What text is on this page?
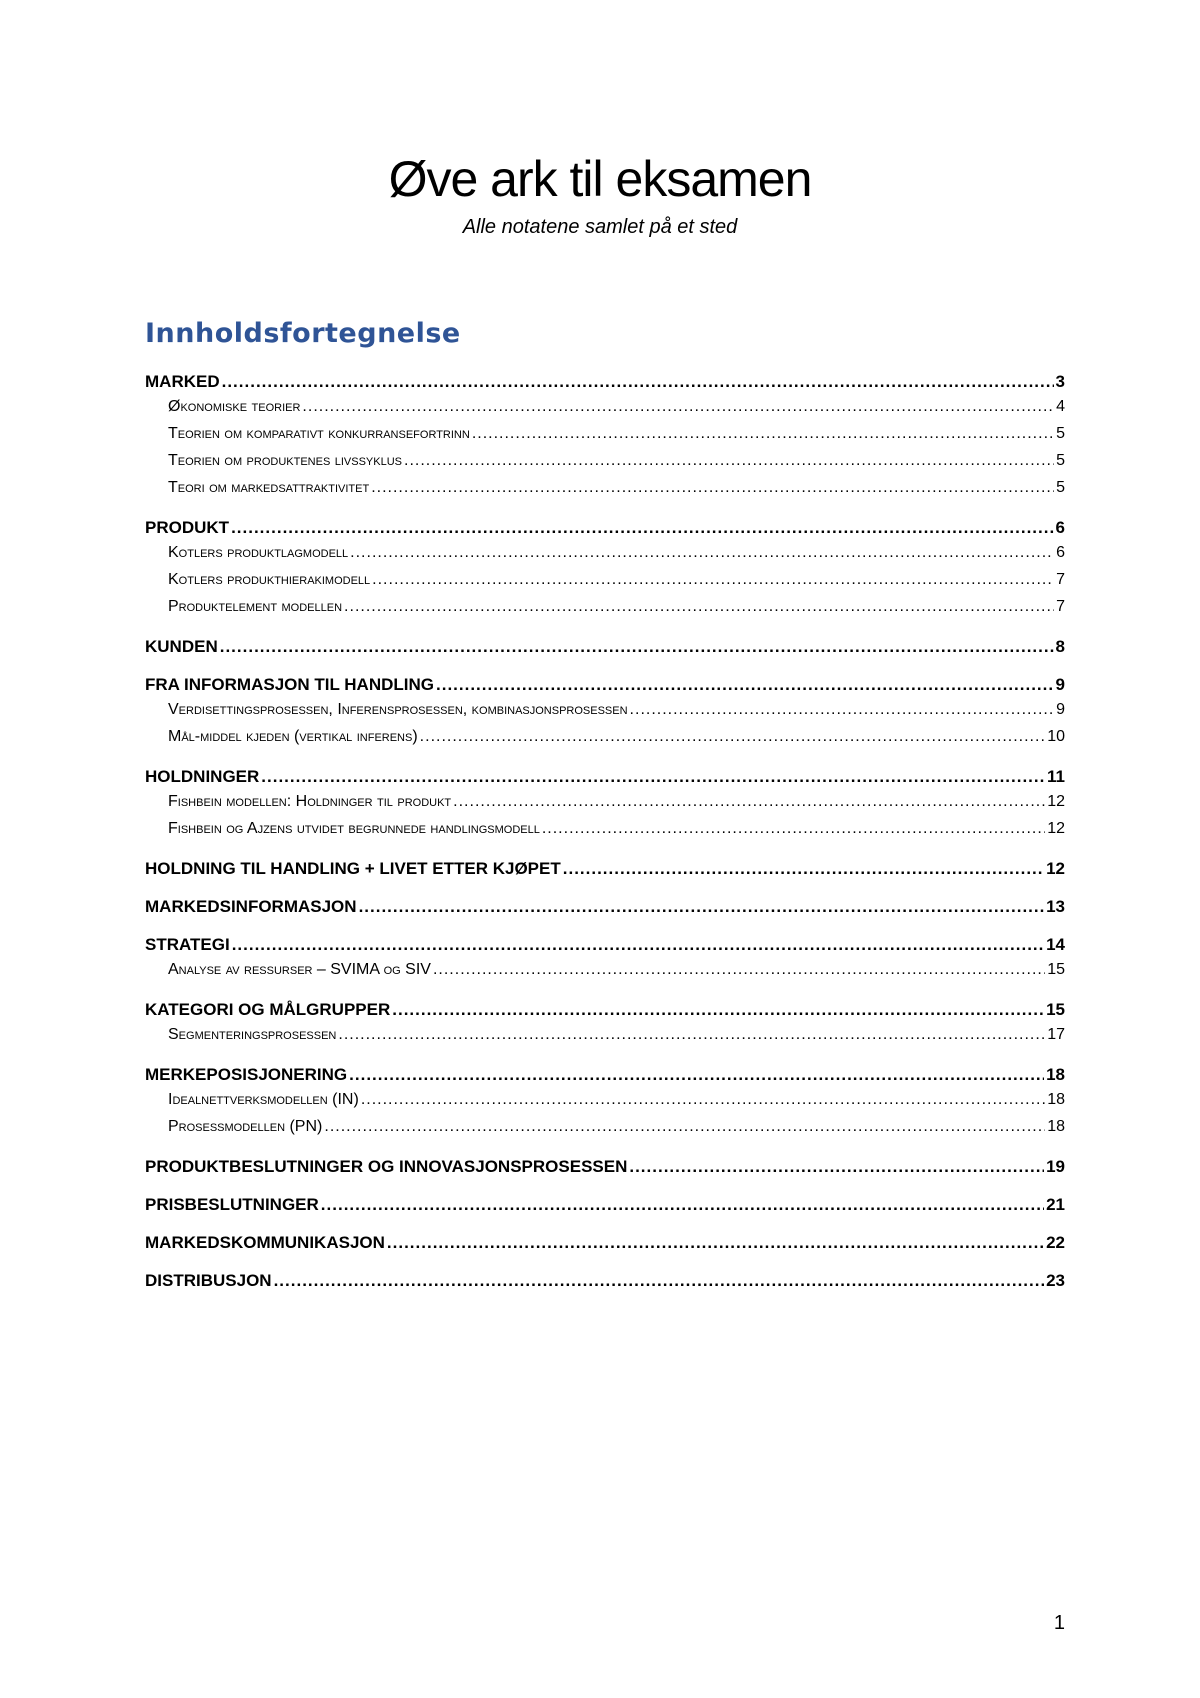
Øve ark til eksamen
Alle notatene samlet på et sted
Innholdsfortegnelse
MARKED .....	3
Økonomiske teorier .....	4
Teorien om komparativt konkurransefortrinn .....	5
Teorien om produktenes livssyklus .....	5
Teori om markedsattraktivitet .....	5
PRODUKT .....	6
Kotlers produktlagmodell .....	6
Kotlers produkthierakimodell .....	7
Produktelement modellen .....	7
KUNDEN .....	8
FRA INFORMASJON TIL HANDLING .....	9
Verdisettingsprosessen, Inferensprosessen, kombinasjonsprosessen .....	9
Mål-middel kjeden (vertikal inferens) .....	10
HOLDNINGER .....	11
Fishbein modellen: Holdninger til produkt .....	12
Fishbein og Ajzens utvidet begrunnede handlingsmodell .....	12
HOLDNING TIL HANDLING + LIVET ETTER KJØPET .....	12
MARKEDSINFORMASJON .....	13
STRATEGI .....	14
Analyse av ressurser – SVIMA og SIV .....	15
KATEGORI OG MÅLGRUPPER .....	15
Segmenteringsprosessen .....	17
MERKEPOSISJONERING .....	18
Idealnettverksmodellen (IN) .....	18
Prosessmodellen (PN) .....	18
PRODUKTBESLUTNINGER OG INNOVASJONSPROSESSEN .....	19
PRISBESLUTNINGER .....	21
MARKEDSKOMMUNIKASJON .....	22
DISTRIBUSJON .....	23
1
